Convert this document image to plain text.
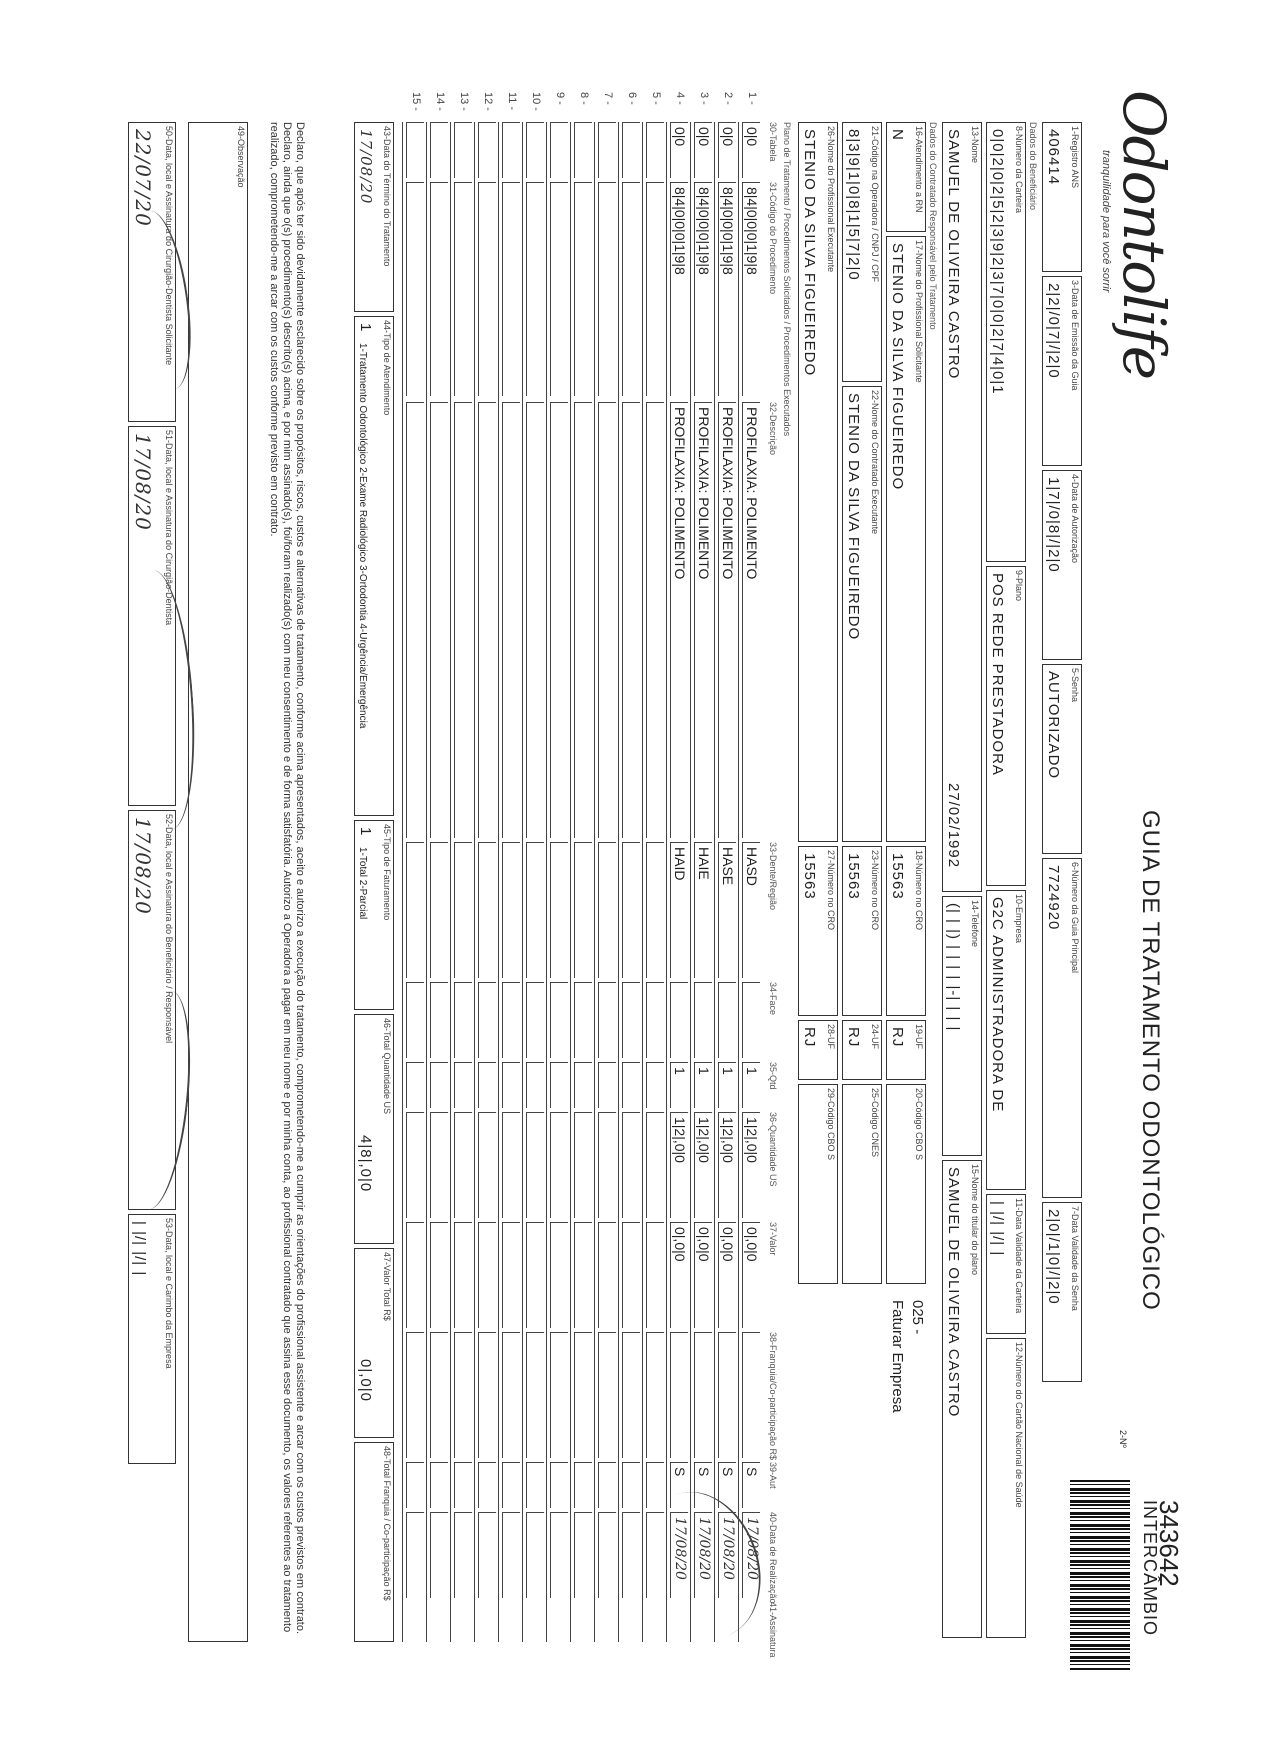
Odontolife
tranquilidade para você sorrir
GUIA DE TRATAMENTO ODONTOLÓGICO
2-Nº
343642
INTERCÂMBIO
1-Registro ANS
406414
3-Data de Emissão da Guia
2|2|/0|7|/|2|0
4-Data de Autorização
1|7|/0|8|/|2|0
5-Senha
AUTORIZADO
6-Número da Guia Principal
7724920
7-Data Validade da Senha
2|0|/1|0|/|2|0
Dados do Beneficiário
8-Número da Carteira
0|0|2|0|2|5|2|3|9|2|3|7|0|0|2|7|4|0|1
9-Plano
POS REDE PRESTADORA
10-Empresa
G2C ADMINISTRADORA DE
11-Data Validade da Carteira
| |/| |/| |
12-Número do Cartão Nacional de Saúde
13-Nome
SAMUEL DE OLIVEIRA CASTRO
27/02/1992
14-Telefone
(| | |) | | | | |-| | | |
15-Nome do titular do plano
SAMUEL DE OLIVEIRA CASTRO
Dados do Contratado Responsável pelo Tratamento
16-Atendimento a RN
N
17-Nome do Profissional Solicitante
STENIO DA SILVA FIGUEIREDO
18-Número no CRO
15563
19-UF
RJ
20-Código CBO S
025 -
Faturar Empresa
21-Código na Operadora / CNPJ / CPF
8|3|9|1|0|8|1|5|7|2|0
22-Nome do Contratado Executante
STENIO DA SILVA FIGUEIREDO
23-Número no CRO
15563
24-UF
RJ
25-Código CNES
26-Nome do Profissional Executante
STENIO DA SILVA FIGUEIREDO
27-Número no CRO
15563
28-UF
RJ
29-Código CBO S
Plano de Tratamento / Procedimentos Solicitados / Procedimentos Executados
30-Tabela
31-Código do Procedimento
32-Descrição
33-Dente/Região
34-Face
35-Qtd
36-Quantidade US
37-Valor
38-Franquia/Co-participação R$
39-Aut
40-Data de Realização
41-Assinatura
1 -
0|0
8|4|0|0|0|1|9|8
PROFILAXIA: POLIMENTO
HASD
1
1|2|,0|0
0|,0|0
S
17/08/20
2 -
0|0
8|4|0|0|0|1|9|8
PROFILAXIA: POLIMENTO
HASE
1
1|2|,0|0
0|,0|0
S
17/08/20
3 -
0|0
8|4|0|0|0|1|9|8
PROFILAXIA: POLIMENTO
HAIE
1
1|2|,0|0
0|,0|0
S
17/08/20
4 -
0|0
8|4|0|0|0|1|9|8
PROFILAXIA: POLIMENTO
HAID
1
1|2|,0|0
0|,0|0
S
17/08/20
5 -
6 -
7 -
8 -
9 -
10 -
11 -
12 -
13 -
14 -
15 -
43-Data do Término do Tratamento
17/08/20
44-Tipo de Atendimento
1
1-Tratamento Odontológico 2-Exame Radiológico 3-Ortodontia 4-Urgência/Emergência
45-Tipo de Faturamento
1
1-Total 2-Parcial
46-Total Quantidade US
4|8|,0|0
47-Valor Total R$
0|,0|0
48-Total Franquia / Co-participação R$
Declaro, que após ter sido devidamente esclarecido sobre os propósitos, riscos, custos e alternativas de tratamento, conforme acima apresentados, aceito e autorizo a execução do tratamento, comprometendo-me a cumprir as orientações do profissional assistente e arcar com os custos previstos em contrato. Declaro, ainda que o(s) procedimento(s) descrito(s) acima, e por mim assinado(s), foi/foram realizado(s) com meu consentimento e de forma satisfatória. Autorizo a Operadora a pagar em meu nome e por minha conta, ao profissional contratado que assina esse documento, os valores referentes ao tratamento realizado, comprometendo-me a arcar com os custos conforme previsto em contrato.
49-Observação
50-Data, local e Assinatura do Cirurgião-Dentista Solicitante
22/07/20
51-Data, local e Assinatura do Cirurgião-Dentista
17/08/20
52-Data, local e Assinatura do Beneficiário / Responsável
17/08/20
53-Data, local e Carimbo da Empresa
| |/| |/| |
